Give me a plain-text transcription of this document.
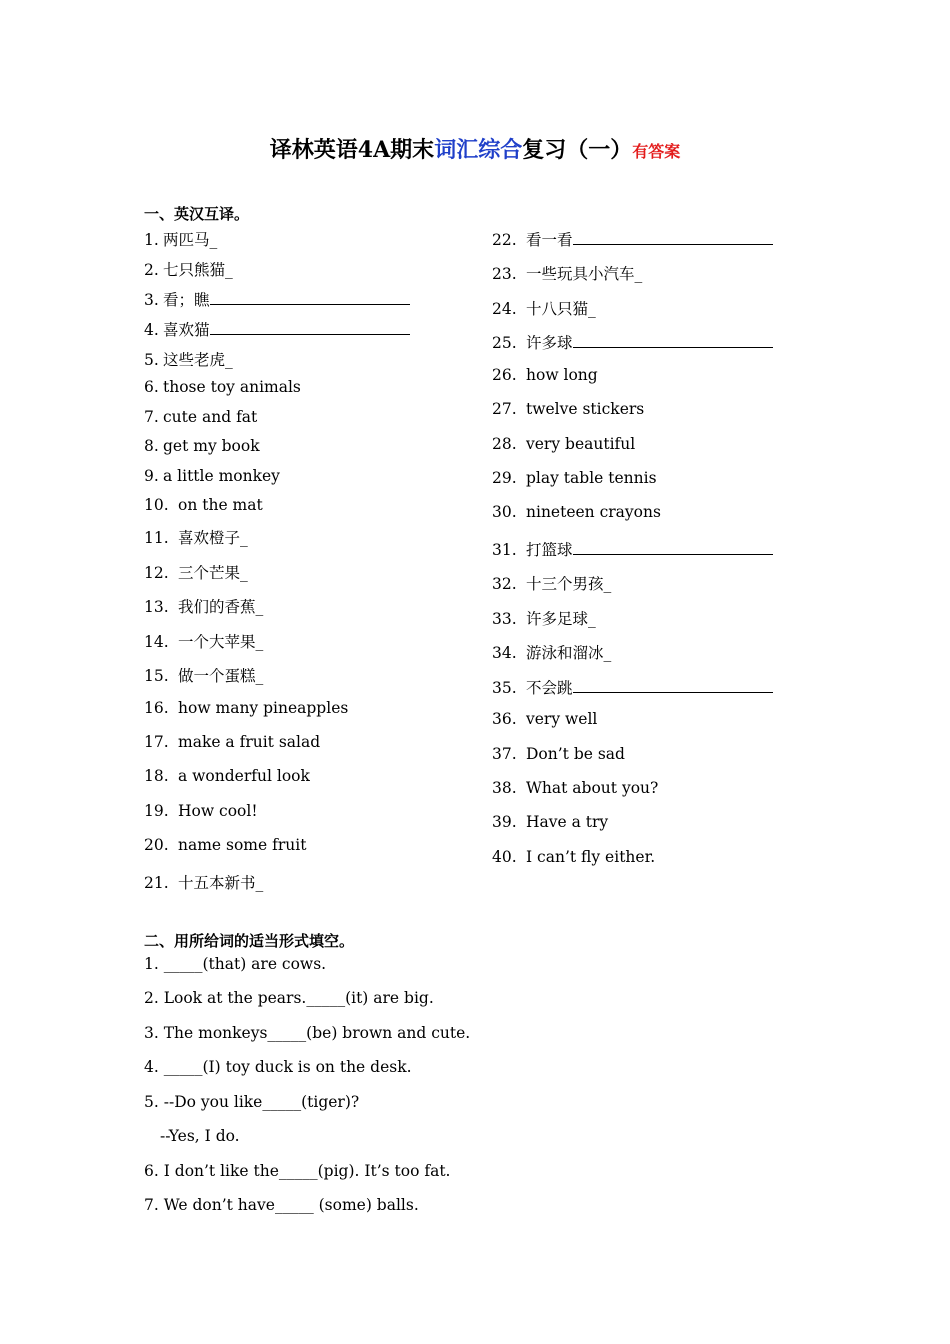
译林英语4A期末词汇综合复习（一）有答案
一、英汉互译。
1. 两匹马_
2. 七只熊猫_
3. 看；瞧
4. 喜欢猫
5. 这些老虎_
6. those toy animals
7. cute and fat
8. get my book
9. a little monkey
10. on the mat
11. 喜欢橙子_
12. 三个芒果_
13. 我们的香蕉_
14. 一个大苹果_
15. 做一个蛋糕_
16. how many pineapples
17. make a fruit salad
18. a wonderful look
19. How cool!
20. name some fruit
21. 十五本新书_
22. 看一看
23. 一些玩具小汽车_
24. 十八只猫_
25. 许多球
26. how long
27. twelve stickers
28. very beautiful
29. play table tennis
30. nineteen crayons
31. 打篮球
32. 十三个男孩_
33. 许多足球_
34. 游泳和溜冰_
35. 不会跳
36. very well
37. Don’t be sad
38. What about you?
39. Have a try
40. I can’t fly either.
二、用所给词的适当形式填空。
1. _____(that) are cows.
2. Look at the pears._____(it) are big.
3. The monkeys_____(be) brown and cute.
4. _____(I) toy duck is on the desk.
5. --Do you like_____(tiger)?
--Yes, I do.
6. I don’t like the_____(pig). It’s too fat.
7. We don’t have_____ (some) balls.
